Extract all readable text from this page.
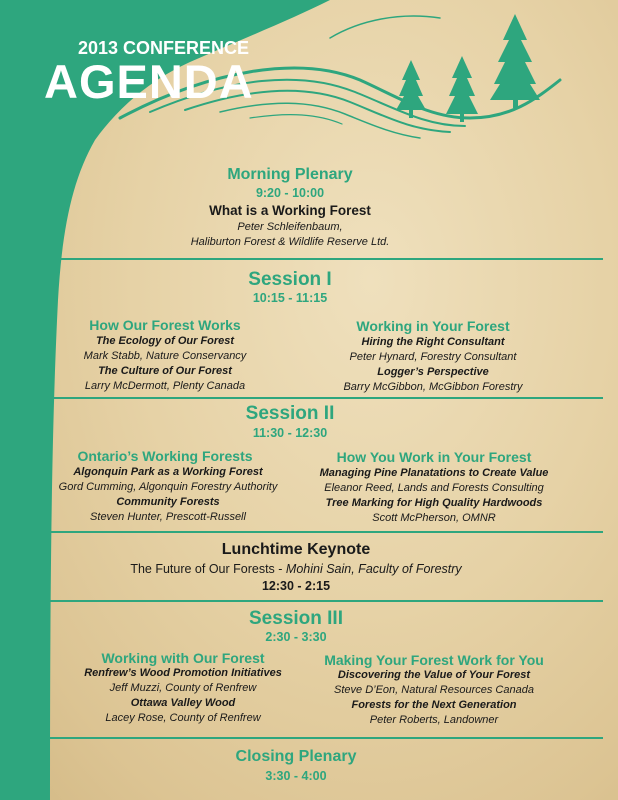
2013 CONFERENCE
AGENDA
Morning Plenary
9:20 - 10:00
What is a Working Forest
Peter Schleifenbaum,
Haliburton Forest & Wildlife Reserve Ltd.
Session I
10:15 - 11:15
How Our Forest Works
The Ecology of Our Forest
Mark Stabb, Nature Conservancy
The Culture of Our Forest
Larry McDermott, Plenty Canada
Working in Your Forest
Hiring the Right Consultant
Peter Hynard, Forestry Consultant
Logger’s Perspective
Barry McGibbon, McGibbon Forestry
Session II
11:30 - 12:30
Ontario’s Working Forests
Algonquin Park as a Working Forest
Gord Cumming, Algonquin Forestry Authority
Community Forests
Steven Hunter, Prescott-Russell
How You Work in Your Forest
Managing Pine Planatations to Create Value
Eleanor Reed, Lands and Forests Consulting
Tree Marking for High Quality Hardwoods
Scott McPherson, OMNR
Lunchtime Keynote
The Future of Our Forests - Mohini Sain, Faculty of Forestry
12:30 - 2:15
Session III
2:30 - 3:30
Working with Our Forest
Renfrew’s Wood Promotion Initiatives
Jeff Muzzi, County of Renfrew
Ottawa Valley Wood
Lacey Rose, County of Renfrew
Making Your Forest Work for You
Discovering the Value of Your Forest
Steve D’Eon, Natural Resources Canada
Forests for the Next Generation
Peter Roberts, Landowner
Closing Plenary
3:30 - 4:00
